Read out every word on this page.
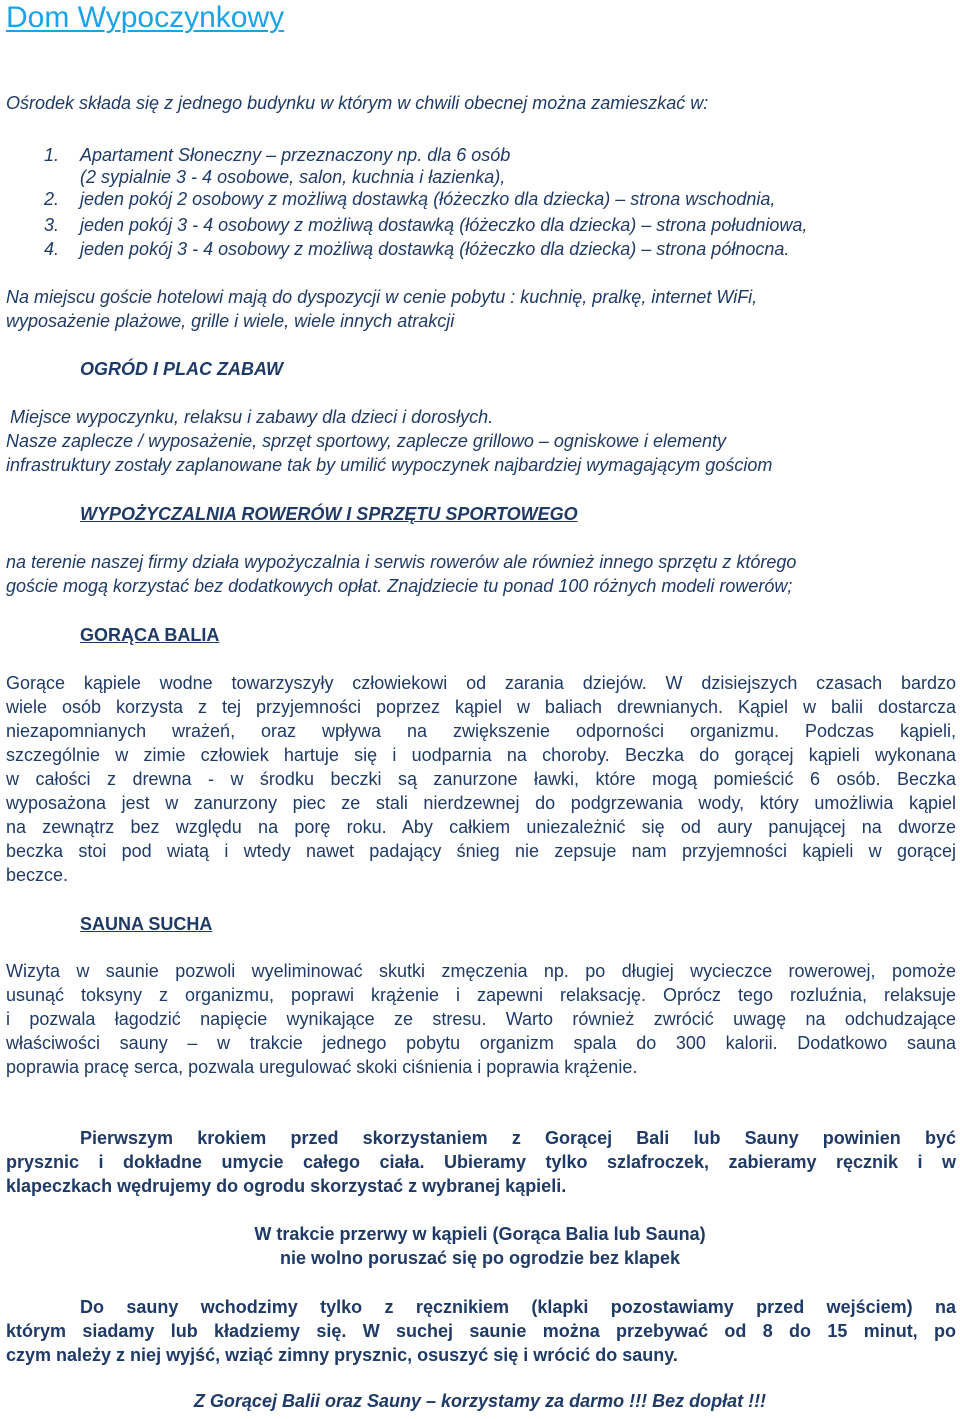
Dom Wypoczynkowy
Ośrodek składa się z jednego budynku w którym w chwili obecnej można zamieszkać w:
1. Apartament Słoneczny – przeznaczony np. dla 6 osób
(2 sypialnie 3 - 4 osobowe, salon, kuchnia i łazienka),
2. jeden pokój 2 osobowy z możliwą dostawką (łóżeczko dla dziecka) – strona wschodnia,
3. jeden pokój 3 - 4 osobowy z możliwą dostawką (łóżeczko dla dziecka) – strona południowa,
4. jeden pokój 3 - 4 osobowy z możliwą dostawką (łóżeczko dla dziecka) – strona północna.
Na miejscu goście hotelowi mają do dyspozycji w cenie pobytu : kuchnię, pralkę, internet WiFi,
wyposażenie plażowe, grille i wiele, wiele innych atrakcji
OGRÓD I PLAC ZABAW
Miejsce wypoczynku, relaksu i zabawy dla dzieci i dorosłych.
Nasze zaplecze / wyposażenie, sprzęt sportowy, zaplecze grillowo – ogniskowe i elementy
infrastruktury zostały zaplanowane tak by umilić wypoczynek najbardziej wymagającym gościom
WYPOŻYCZALNIA ROWERÓW I SPRZĘTU SPORTOWEGO
na terenie naszej firmy działa wypożyczalnia i serwis rowerów ale również innego sprzętu z którego
goście mogą korzystać bez dodatkowych opłat. Znajdziecie tu ponad 100 różnych modeli rowerów;
GORĄCA BALIA
Gorące kąpiele wodne towarzyszyły człowiekowi od zarania dziejów. W dzisiejszych czasach bardzo
wiele osób korzysta z tej przyjemności poprzez kąpiel w baliach drewnianych. Kąpiel w balii dostarcza
niezapomnianych wrażeń, oraz wpływa na zwiększenie odporności organizmu. Podczas kąpieli,
szczególnie w zimie człowiek hartuje się i uodparnia na choroby. Beczka do gorącej kąpieli wykonana
w całości z drewna - w środku beczki są zanurzone ławki, które mogą pomieścić 6 osób. Beczka
wyposażona jest w zanurzony piec ze stali nierdzewnej do podgrzewania wody, który umożliwia kąpiel
na zewnątrz bez względu na porę roku. Aby całkiem uniezależnić się od aury panującej na dworze
beczka stoi pod wiatą i wtedy nawet padający śnieg nie zepsuje nam przyjemności kąpieli w gorącej
beczce.
SAUNA SUCHA
Wizyta w saunie pozwoli wyeliminować skutki zmęczenia np. po długiej wycieczce rowerowej, pomoże
usunąć toksyny z organizmu, poprawi krążenie i zapewni relaksację. Oprócz tego rozluźnia, relaksuje
i pozwala łagodzić napięcie wynikające ze stresu. Warto również zwrócić uwagę na odchudzające
właściwości sauny – w trakcie jednego pobytu organizm spala do 300 kalorii. Dodatkowo sauna
poprawia pracę serca, pozwala uregulować skoki ciśnienia i poprawia krążenie.
Pierwszym krokiem przed skorzystaniem z Gorącej Bali lub Sauny powinien być
prysznic i dokładne umycie całego ciała. Ubieramy tylko szlafroczek, zabieramy ręcznik i w
klapeczkach wędrujemy do ogrodu skorzystać z wybranej kąpieli.
W trakcie przerwy w kąpieli (Gorąca Balia lub Sauna)
nie wolno poruszać się po ogrodzie bez klapek
Do sauny wchodzimy tylko z ręcznikiem (klapki pozostawiamy przed wejściem) na
którym siadamy lub kładziemy się. W suchej saunie można przebywać od 8 do 15 minut, po
czym należy z niej wyjść, wziąć zimny prysznic, osuszyć się i wrócić do sauny.
Z Gorącej Balii oraz Sauny – korzystamy za darmo !!! Bez dopłat !!!
